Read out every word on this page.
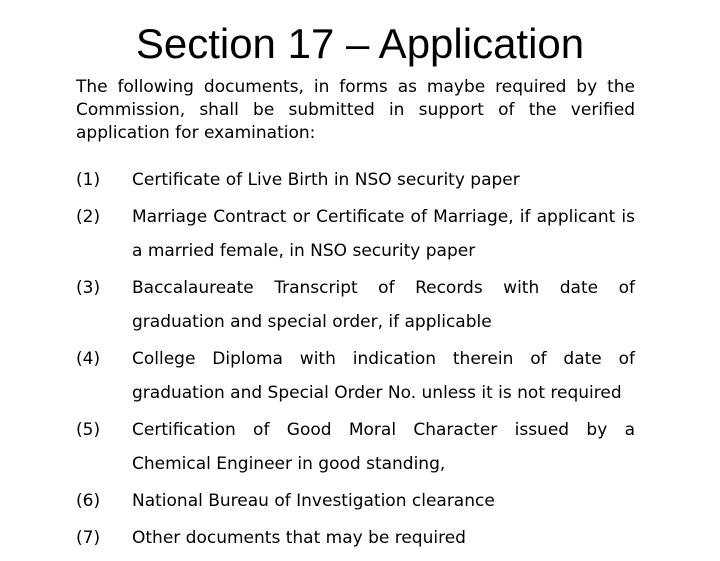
Section 17 – Application

The following documents, in forms as maybe required by the Commission, shall be submitted in support of the verified application for examination:

(1)	Certificate of Live Birth in NSO security paper
(2)	Marriage Contract or Certificate of Marriage, if applicant is a married female, in NSO security paper
(3)	Baccalaureate Transcript of Records with date of graduation and special order, if applicable
(4)	College Diploma with indication therein of date of graduation and Special Order No. unless it is not required
(5)	Certification of Good Moral Character issued by a Chemical Engineer in good standing,
(6)	National Bureau of Investigation clearance
(7)	Other documents that may be required
